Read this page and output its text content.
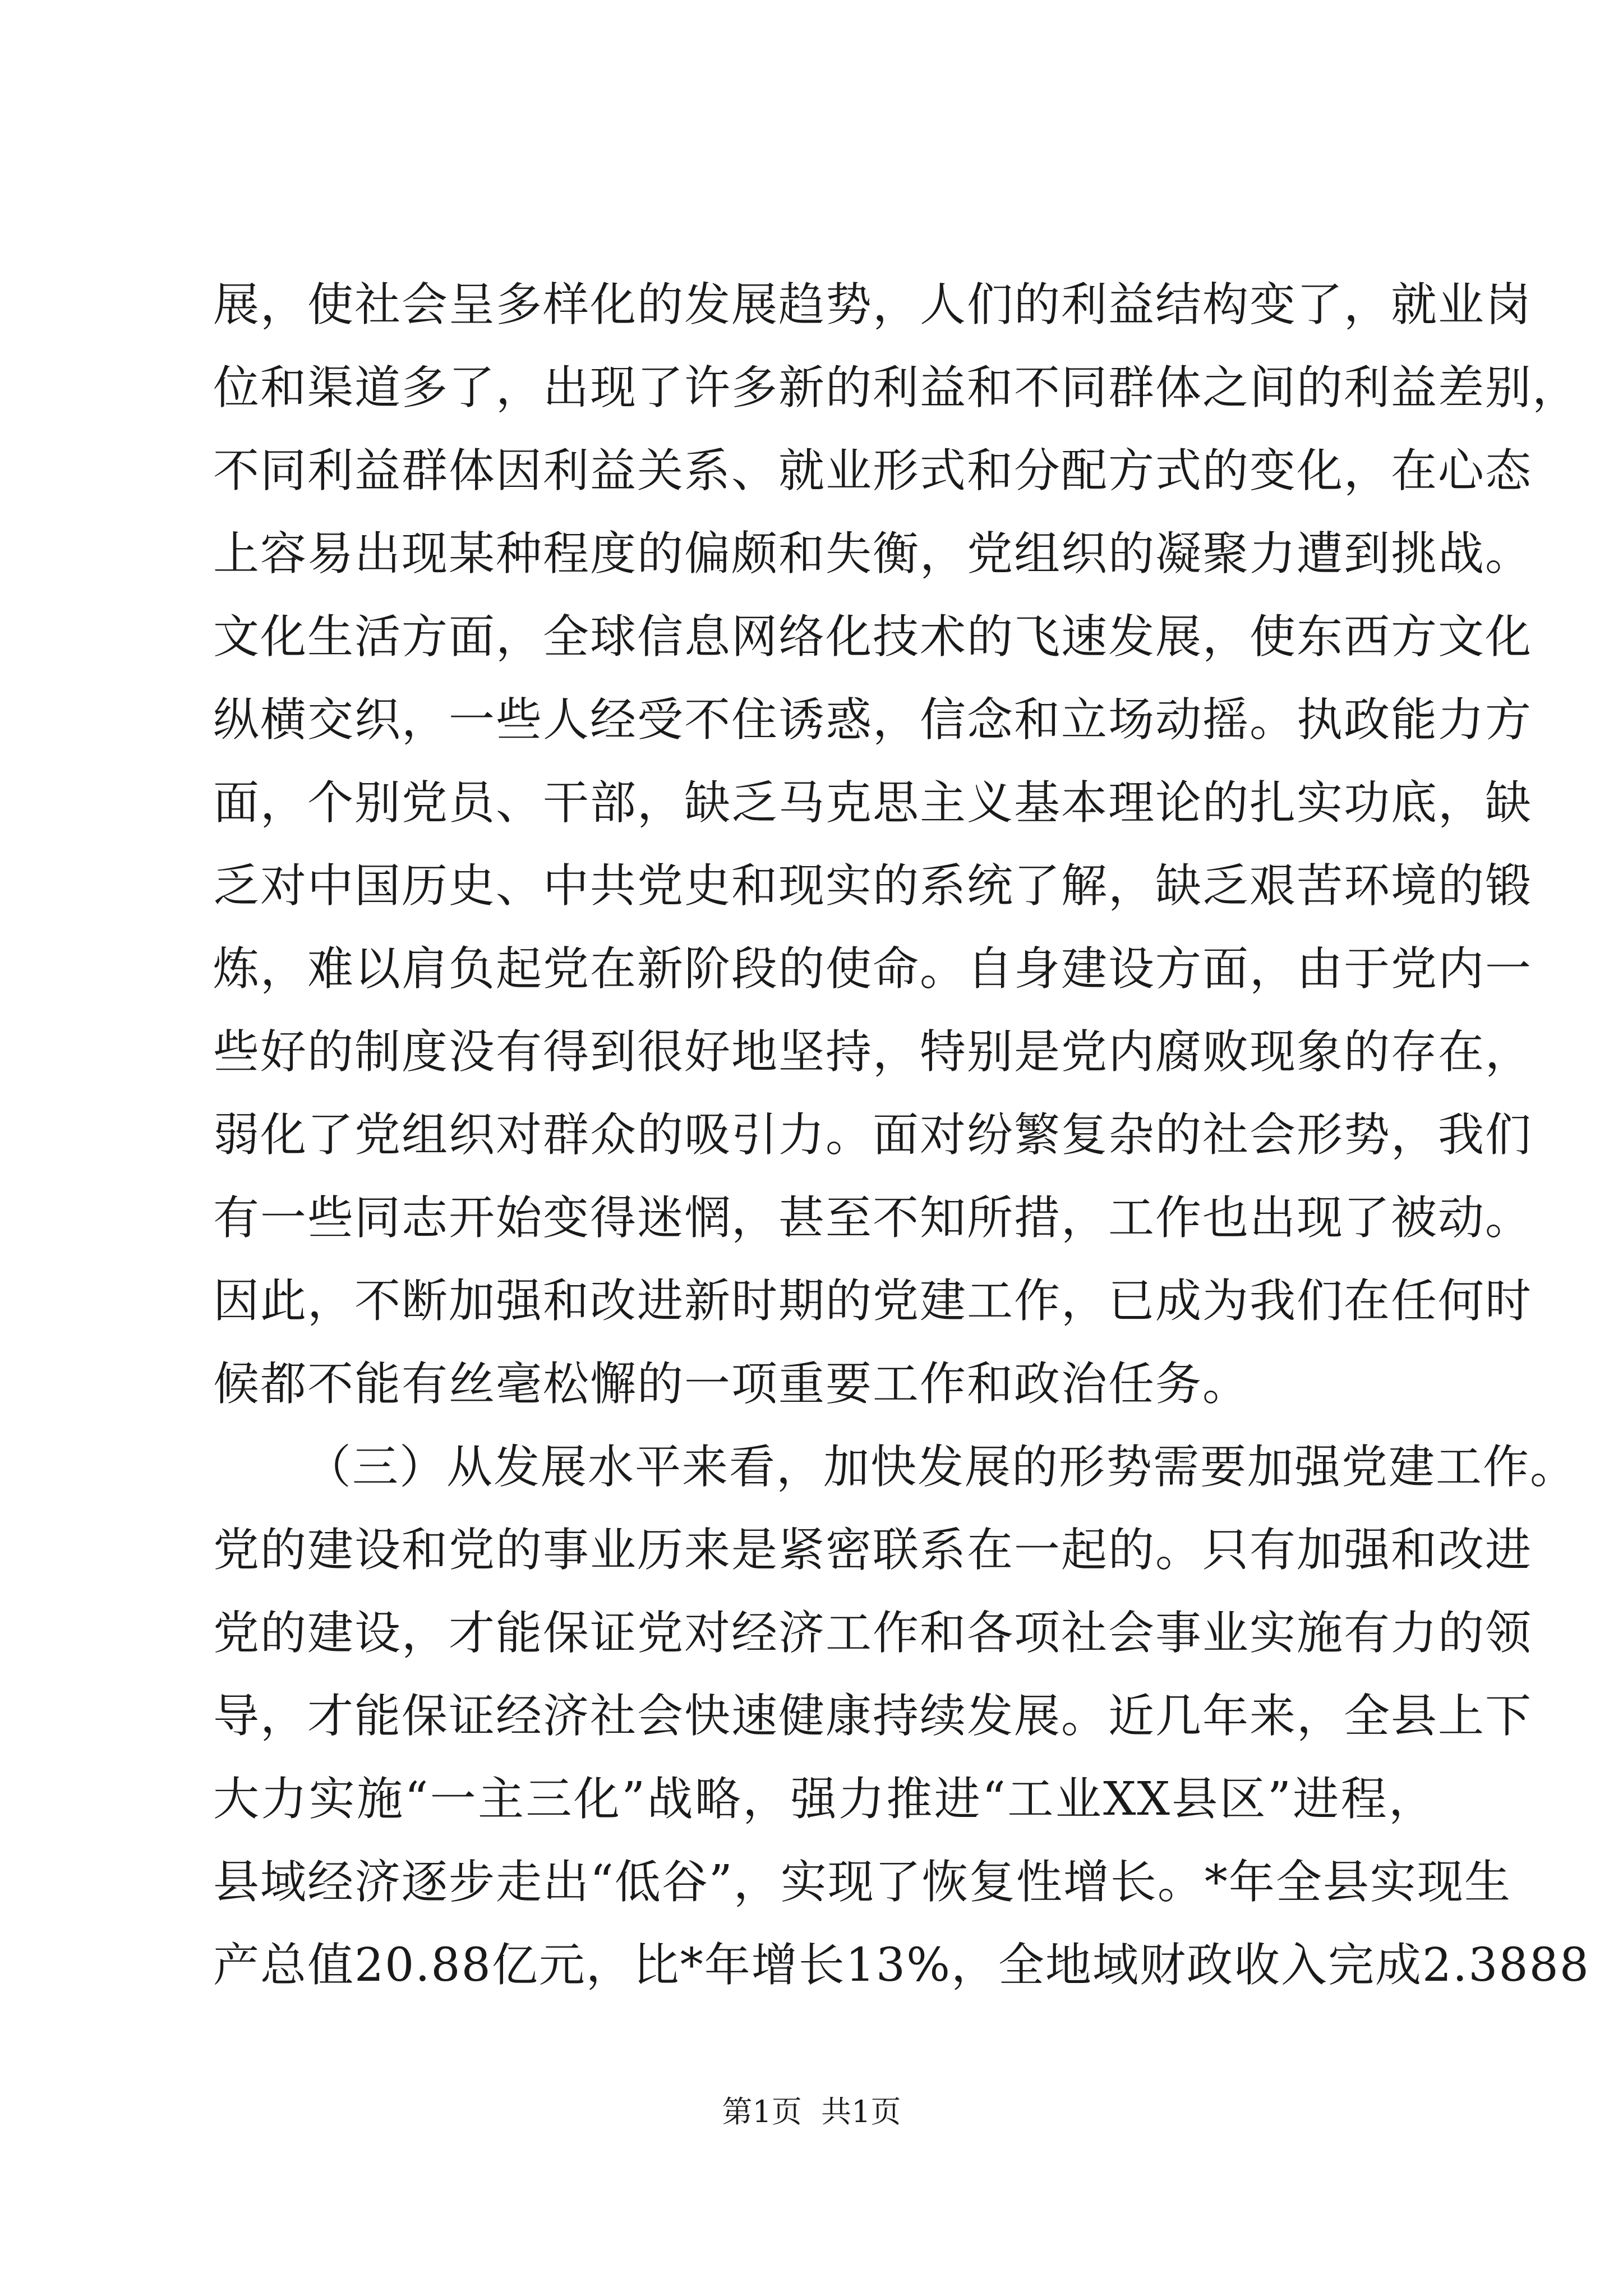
展，使社会呈多样化的发展趋势，人们的利益结构变了，就业岗
位和渠道多了，出现了许多新的利益和不同群体之间的利益差别，
不同利益群体因利益关系、就业形式和分配方式的变化，在心态
上容易出现某种程度的偏颇和失衡，党组织的凝聚力遭到挑战。
文化生活方面，全球信息网络化技术的飞速发展，使东西方文化
纵横交织，一些人经受不住诱惑，信念和立场动摇。执政能力方
面，个别党员、干部，缺乏马克思主义基本理论的扎实功底，缺
乏对中国历史、中共党史和现实的系统了解，缺乏艰苦环境的锻
炼，难以肩负起党在新阶段的使命。自身建设方面，由于党内一
些好的制度没有得到很好地坚持，特别是党内腐败现象的存在，
弱化了党组织对群众的吸引力。面对纷繁复杂的社会形势，我们
有一些同志开始变得迷惘，甚至不知所措，工作也出现了被动。
因此，不断加强和改进新时期的党建工作，已成为我们在任何时
候都不能有丝毫松懈的一项重要工作和政治任务。
（三）从发展水平来看，加快发展的形势需要加强党建工作。
党的建设和党的事业历来是紧密联系在一起的。只有加强和改进
党的建设，才能保证党对经济工作和各项社会事业实施有力的领
导，才能保证经济社会快速健康持续发展。近几年来，全县上下
大力实施“一主三化”战略，强力推进“工业XX县区”进程，
县域经济逐步走出“低谷”，实现了恢复性增长。*年全县实现生
产总值20.88亿元，比*年增长13%，全地域财政收入完成2.3888
第1页  共1页
